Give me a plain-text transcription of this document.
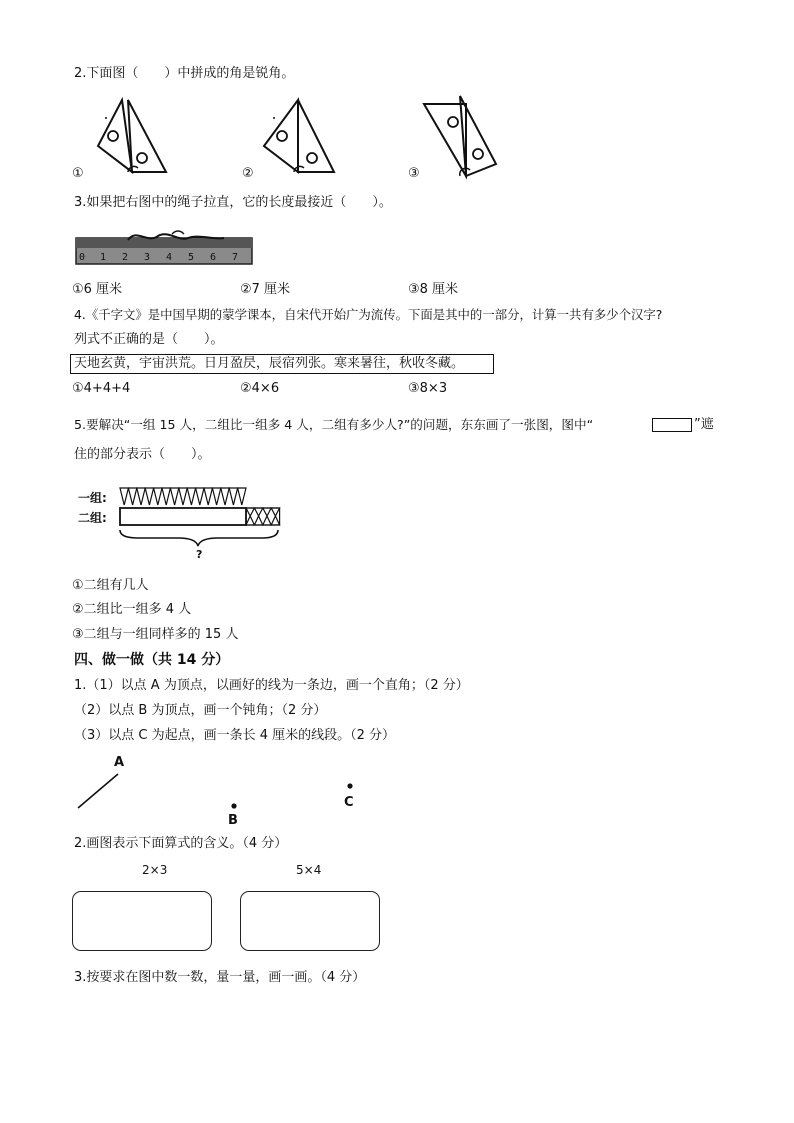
2.下面图（　　）中拼成的角是锐角。
①	②	③
3.如果把右图中的绳子拉直，它的长度最接近（　　）。
0 1 2 3 4 5 6 7
①6 厘米	②7 厘米	③8 厘米
4.《千字文》是中国早期的蒙学课本，自宋代开始广为流传。下面是其中的一部分，计算一共有多少个汉字?
列式不正确的是（　　）。
天地玄黄，宇宙洪荒。日月盈昃，辰宿列张。寒来暑往，秋收冬藏。
①4+4+4	②4×6	③8×3
5.要解决“一组 15 人，二组比一组多 4 人，二组有多少人?”的问题，东东画了一张图，图中“	”遮
住的部分表示（　　）。
一组:
二组:
?
①二组有几人
②二组比一组多 4 人
③二组与一组同样多的 15 人
四、做一做（共 14 分）
1.（1）以点 A 为顶点，以画好的线为一条边，画一个直角；（2 分）
（2）以点 B 为顶点，画一个钝角；（2 分）
（3）以点 C 为起点，画一条长 4 厘米的线段。（2 分）
A
B
C
2.画图表示下面算式的含义。（4 分）
2×3	5×4
3.按要求在图中数一数，量一量，画一画。（4 分）
